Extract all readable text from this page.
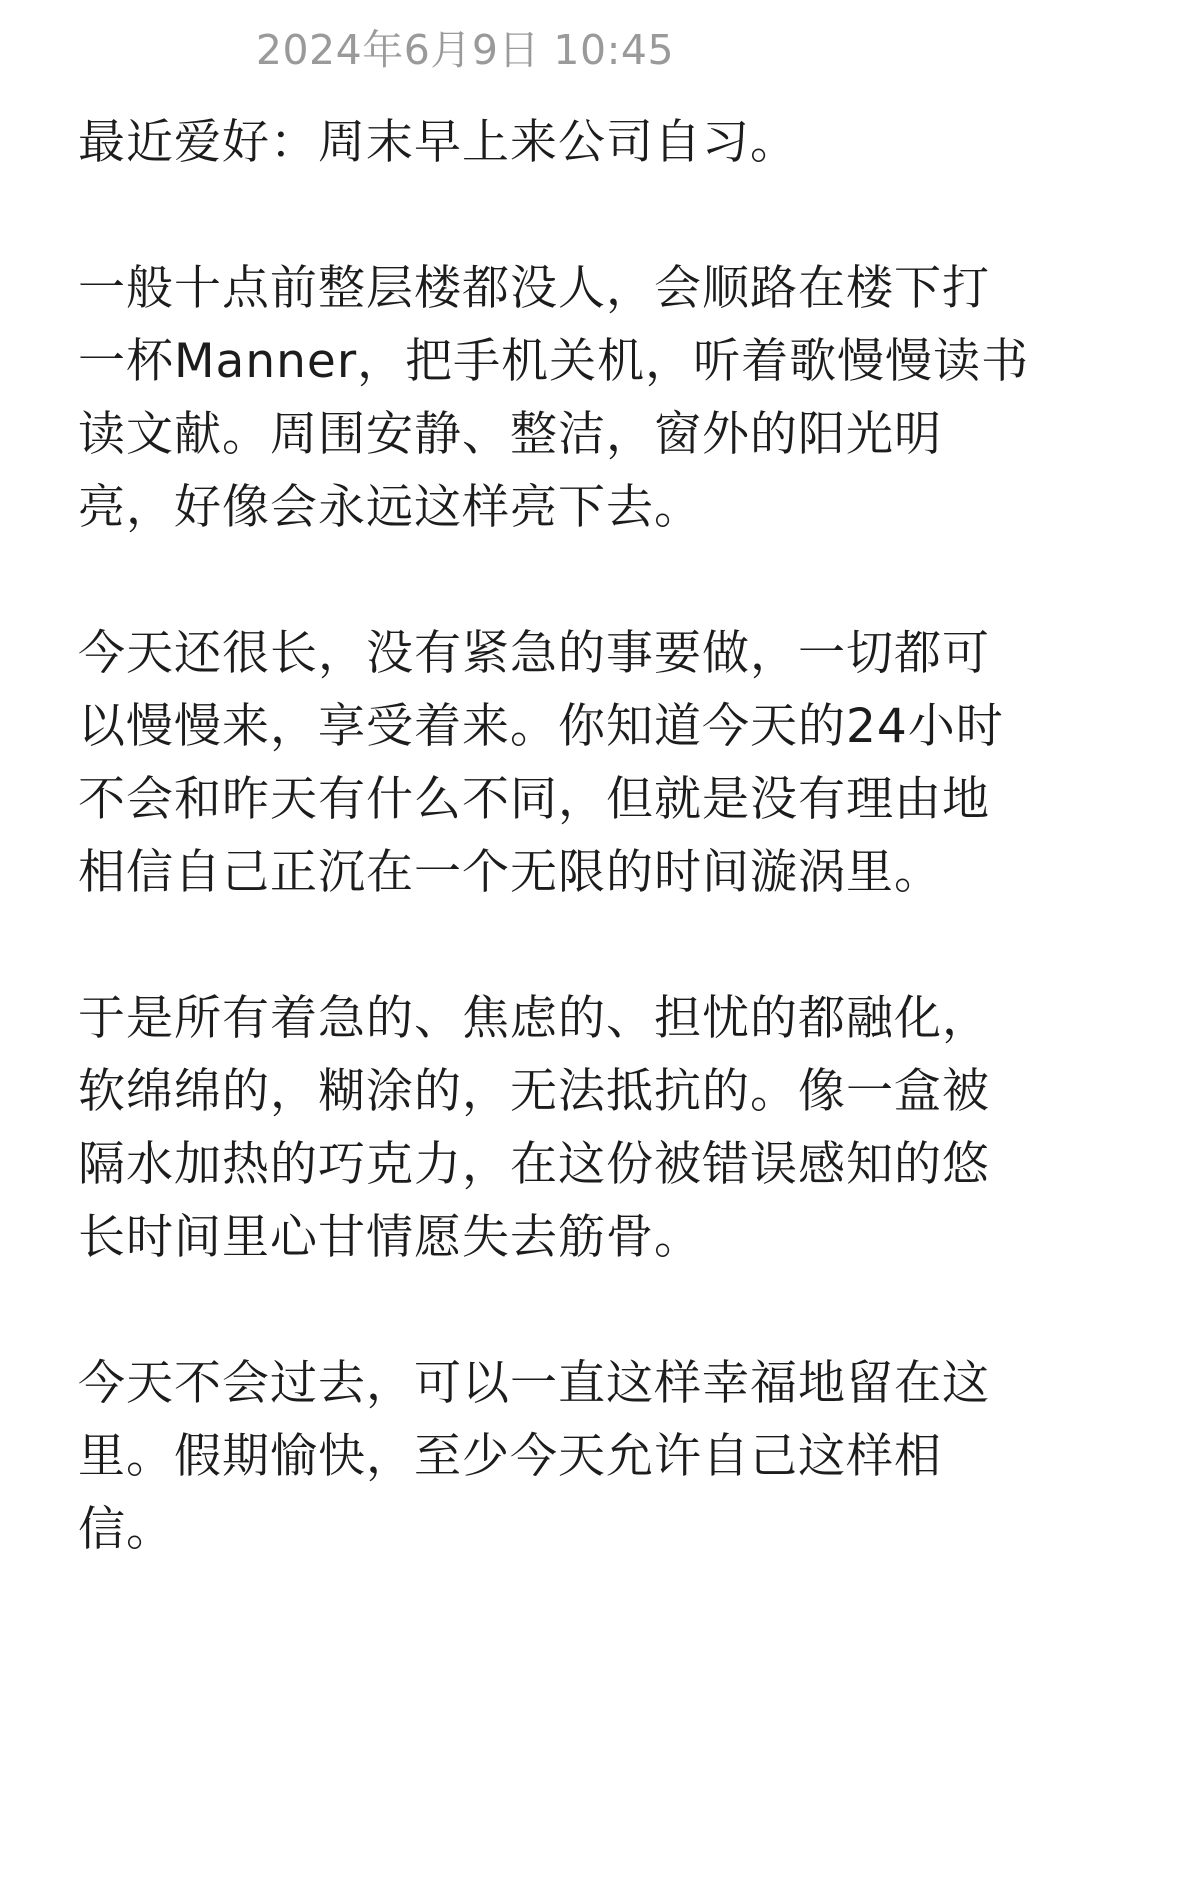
2024年6月9日 10:45

最近爱好：周末早上来公司自习。

一般十点前整层楼都没人，会顺路在楼下打
一杯Manner，把手机关机，听着歌慢慢读书
读文献。周围安静、整洁，窗外的阳光明
亮，好像会永远这样亮下去。

今天还很长，没有紧急的事要做，一切都可
以慢慢来，享受着来。你知道今天的24小时
不会和昨天有什么不同，但就是没有理由地
相信自己正沉在一个无限的时间漩涡里。

于是所有着急的、焦虑的、担忧的都融化，
软绵绵的，糊涂的，无法抵抗的。像一盒被
隔水加热的巧克力，在这份被错误感知的悠
长时间里心甘情愿失去筋骨。

今天不会过去，可以一直这样幸福地留在这
里。假期愉快，至少今天允许自己这样相
信。
